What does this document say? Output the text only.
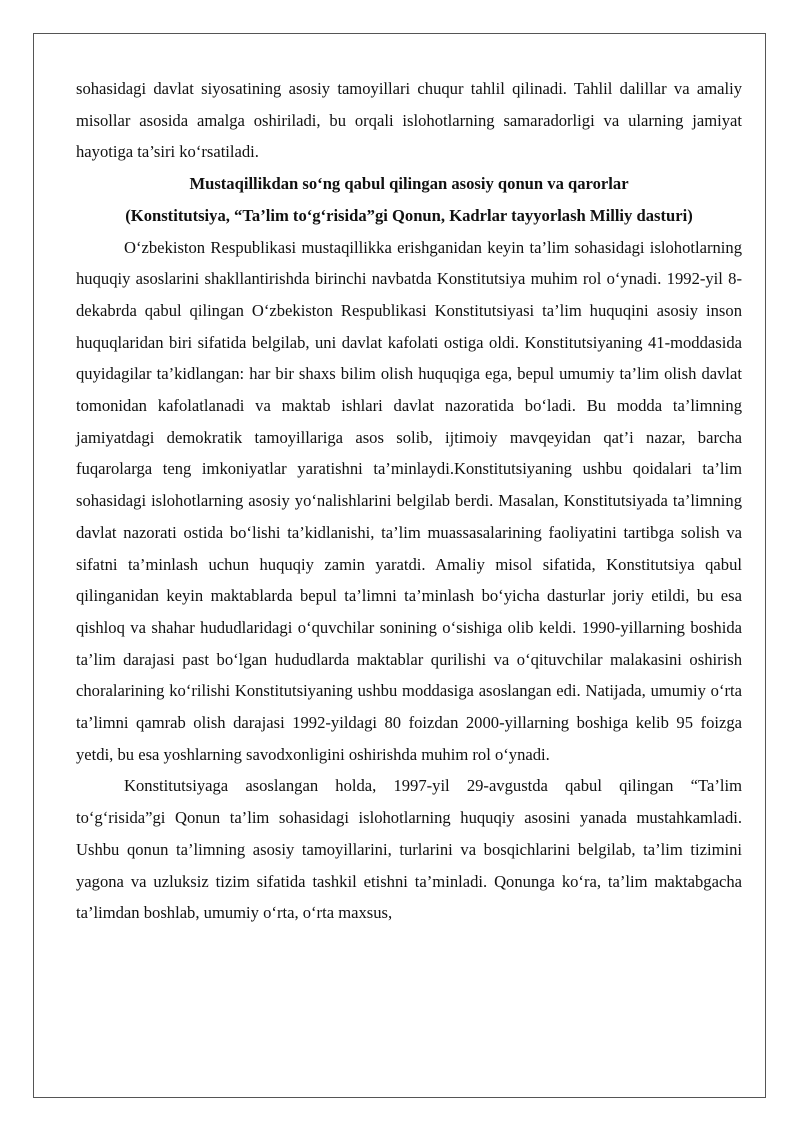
sohasidagi davlat siyosatining asosiy tamoyillari chuqur tahlil qilinadi. Tahlil dalillar va amaliy misollar asosida amalga oshiriladi, bu orqali islohotlarning samaradorligi va ularning jamiyat hayotiga ta’siri ko‘rsatiladi.

Mustaqillikdan so‘ng qabul qilingan asosiy qonun va qarorlar
(Konstitutsiya, “Ta’lim to‘g‘risida”gi Qonun, Kadrlar tayyorlash Milliy dasturi)

O‘zbekiston Respublikasi mustaqillikka erishganidan keyin ta’lim sohasidagi islohotlarning huquqiy asoslarini shakllantirishda birinchi navbatda Konstitutsiya muhim rol o‘ynadi. 1992-yil 8-dekabrda qabul qilingan O‘zbekiston Respublikasi Konstitutsiyasi ta’lim huquqini asosiy inson huquqlaridan biri sifatida belgilab, uni davlat kafolati ostiga oldi. Konstitutsiyaning 41-moddasida quyidagilar ta’kidlangan: har bir shaxs bilim olish huquqiga ega, bepul umumiy ta’lim olish davlat tomonidan kafolatlanadi va maktab ishlari davlat nazoratida bo‘ladi. Bu modda ta’limning jamiyatdagi demokratik tamoyillariga asos solib, ijtimoiy mavqeyidan qat’i nazar, barcha fuqarolarga teng imkoniyatlar yaratishni ta’minlaydi.Konstitutsiyaning ushbu qoidalari ta’lim sohasidagi islohotlarning asosiy yo‘nalishlarini belgilab berdi. Masalan, Konstitutsiyada ta’limning davlat nazorati ostida bo‘lishi ta’kidlanishi, ta’lim muassasalarining faoliyatini tartibga solish va sifatni ta’minlash uchun huquqiy zamin yaratdi. Amaliy misol sifatida, Konstitutsiya qabul qilinganidan keyin maktablarda bepul ta’limni ta’minlash bo‘yicha dasturlar joriy etildi, bu esa qishloq va shahar hududlaridagi o‘quvchilar sonining o‘sishiga olib keldi. 1990-yillarning boshida ta’lim darajasi past bo‘lgan hududlarda maktablar qurilishi va o‘qituvchilar malakasini oshirish choralarining ko‘rilishi Konstitutsiyaning ushbu moddasiga asoslangan edi. Natijada, umumiy o‘rta ta’limni qamrab olish darajasi 1992-yildagi 80 foizdan 2000-yillarning boshiga kelib 95 foizga yetdi, bu esa yoshlarning savodxonligini oshirishda muhim rol o‘ynadi.

Konstitutsiyaga asoslangan holda, 1997-yil 29-avgustda qabul qilingan “Ta’lim to‘g‘risida”gi Qonun ta’lim sohasidagi islohotlarning huquqiy asosini yanada mustahkamladi. Ushbu qonun ta’limning asosiy tamoyillarini, turlarini va bosqichlarini belgilab, ta’lim tizimini yagona va uzluksiz tizim sifatida tashkil etishni ta’minladi. Qonunga ko‘ra, ta’lim maktabgacha ta’limdan boshlab, umumiy o‘rta, o‘rta maxsus,
